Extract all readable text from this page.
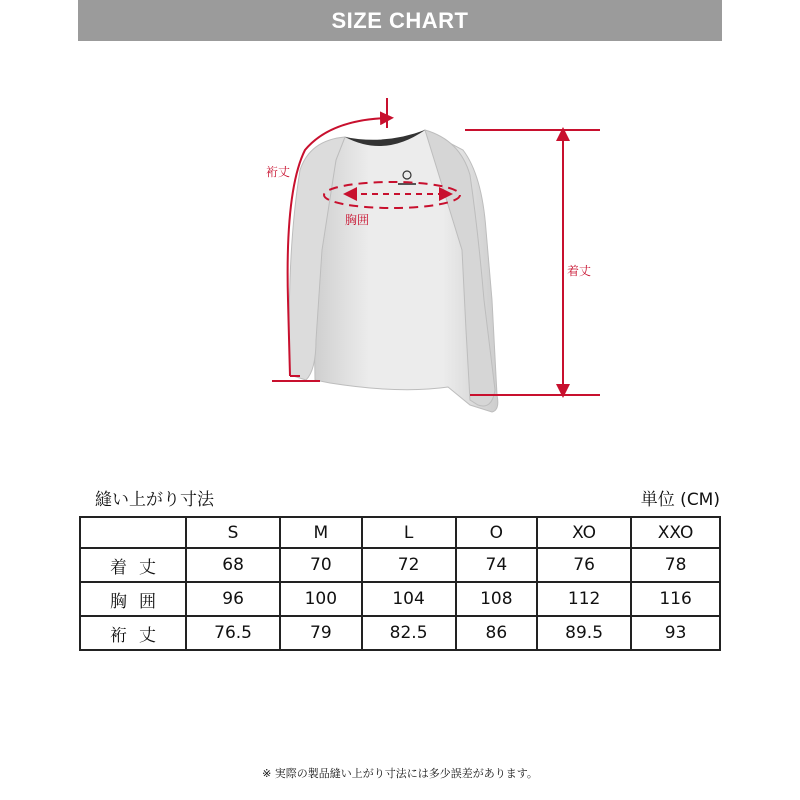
SIZE CHART
裄丈
胸囲
着丈
縫い上がり寸法	単位 (CM)
	S	M	L	O	XO	XXO
着丈	68	70	72	74	76	78
胸囲	96	100	104	108	112	116
裄丈	76.5	79	82.5	86	89.5	93
※ 実際の製品縫い上がり寸法には多少誤差があります。
